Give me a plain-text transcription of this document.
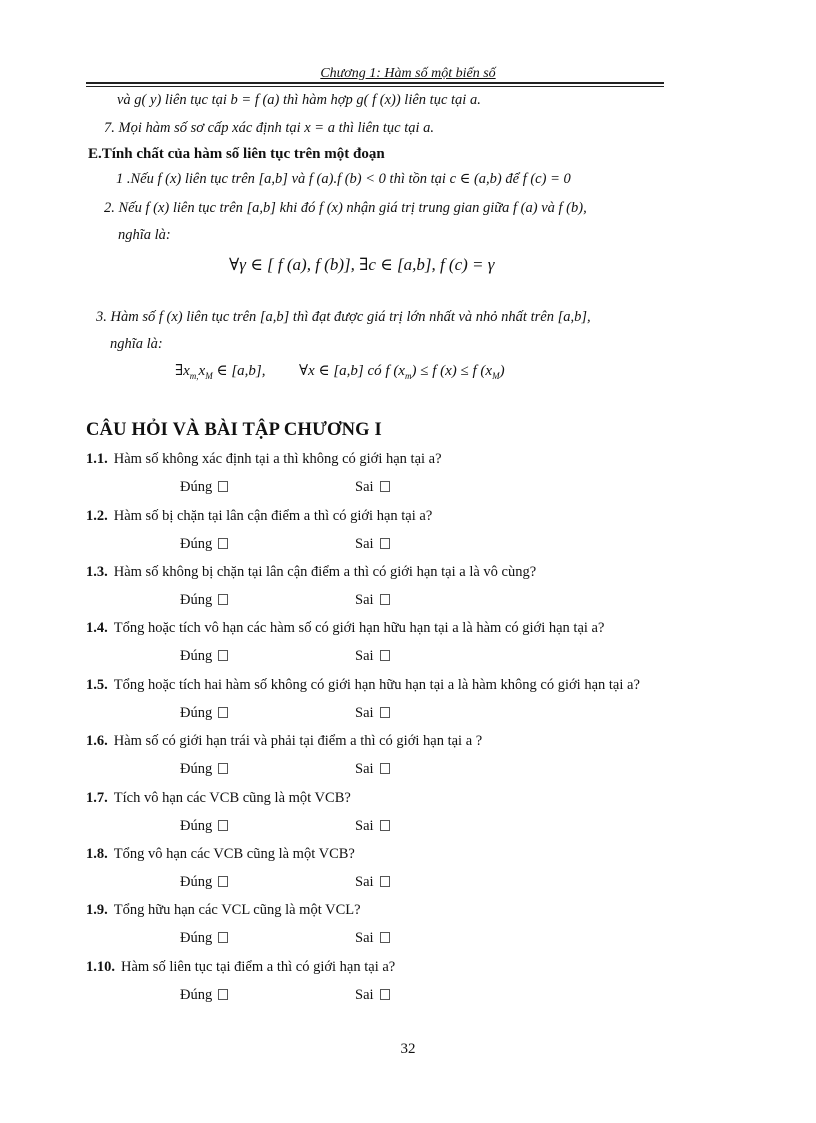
Chương 1: Hàm số một biến số
và g( y) liên tục tại b = f (a) thì hàm hợp g( f (x)) liên tục tại a.
7. Mọi hàm số sơ cấp xác định tại x = a thì liên tục tại a.
E.Tính chất của hàm số liên tục trên một đoạn
1 .Nếu f (x) liên tục trên [a,b] và f (a).f (b) < 0 thì tồn tại c ∈ (a,b) để f (c) = 0
2. Nếu f (x) liên tục trên [a,b] khi đó f (x) nhận giá trị trung gian giữa f (a) và f (b),
nghĩa là:
∀γ ∈ [ f (a), f (b)], ∃c ∈ [a,b], f (c) = γ
3. Hàm số f (x) liên tục trên [a,b] thì đạt được giá trị lớn nhất và nhỏ nhất trên [a,b],
nghĩa là:
$\exists x_{m,}x_M$ ∈ [a,b], ∀x ∈ [a,b] có f $(x_m) \le f$ (x) ≤ f $(x_M)$
CÂU HỎI VÀ BÀI TẬP CHƯƠNG I
1.1. Hàm số không xác định tại a thì không có giới hạn tại a?
Đúng	Sai
1.2. Hàm số bị chặn tại lân cận điểm a thì có giới hạn tại a?
Đúng	Sai
1.3. Hàm số không bị chặn tại lân cận điểm a thì có giới hạn tại a là vô cùng?
Đúng	Sai
1.4. Tổng hoặc tích vô hạn các hàm số có giới hạn hữu hạn tại a là hàm có giới hạn tại a?
Đúng	Sai
1.5. Tổng hoặc tích hai hàm số không có giới hạn hữu hạn tại a là hàm không có giới hạn tại a?
Đúng	Sai
1.6. Hàm số có giới hạn trái và phải tại điểm a thì có giới hạn tại a ?
Đúng	Sai
1.7. Tích vô hạn các VCB cũng là một VCB?
Đúng	Sai
1.8. Tổng vô hạn các VCB cũng là một VCB?
Đúng	Sai
1.9. Tổng hữu hạn các VCL cũng là một VCL?
Đúng	Sai
1.10. Hàm số liên tục tại điểm a thì có giới hạn tại a?
Đúng	Sai
32
